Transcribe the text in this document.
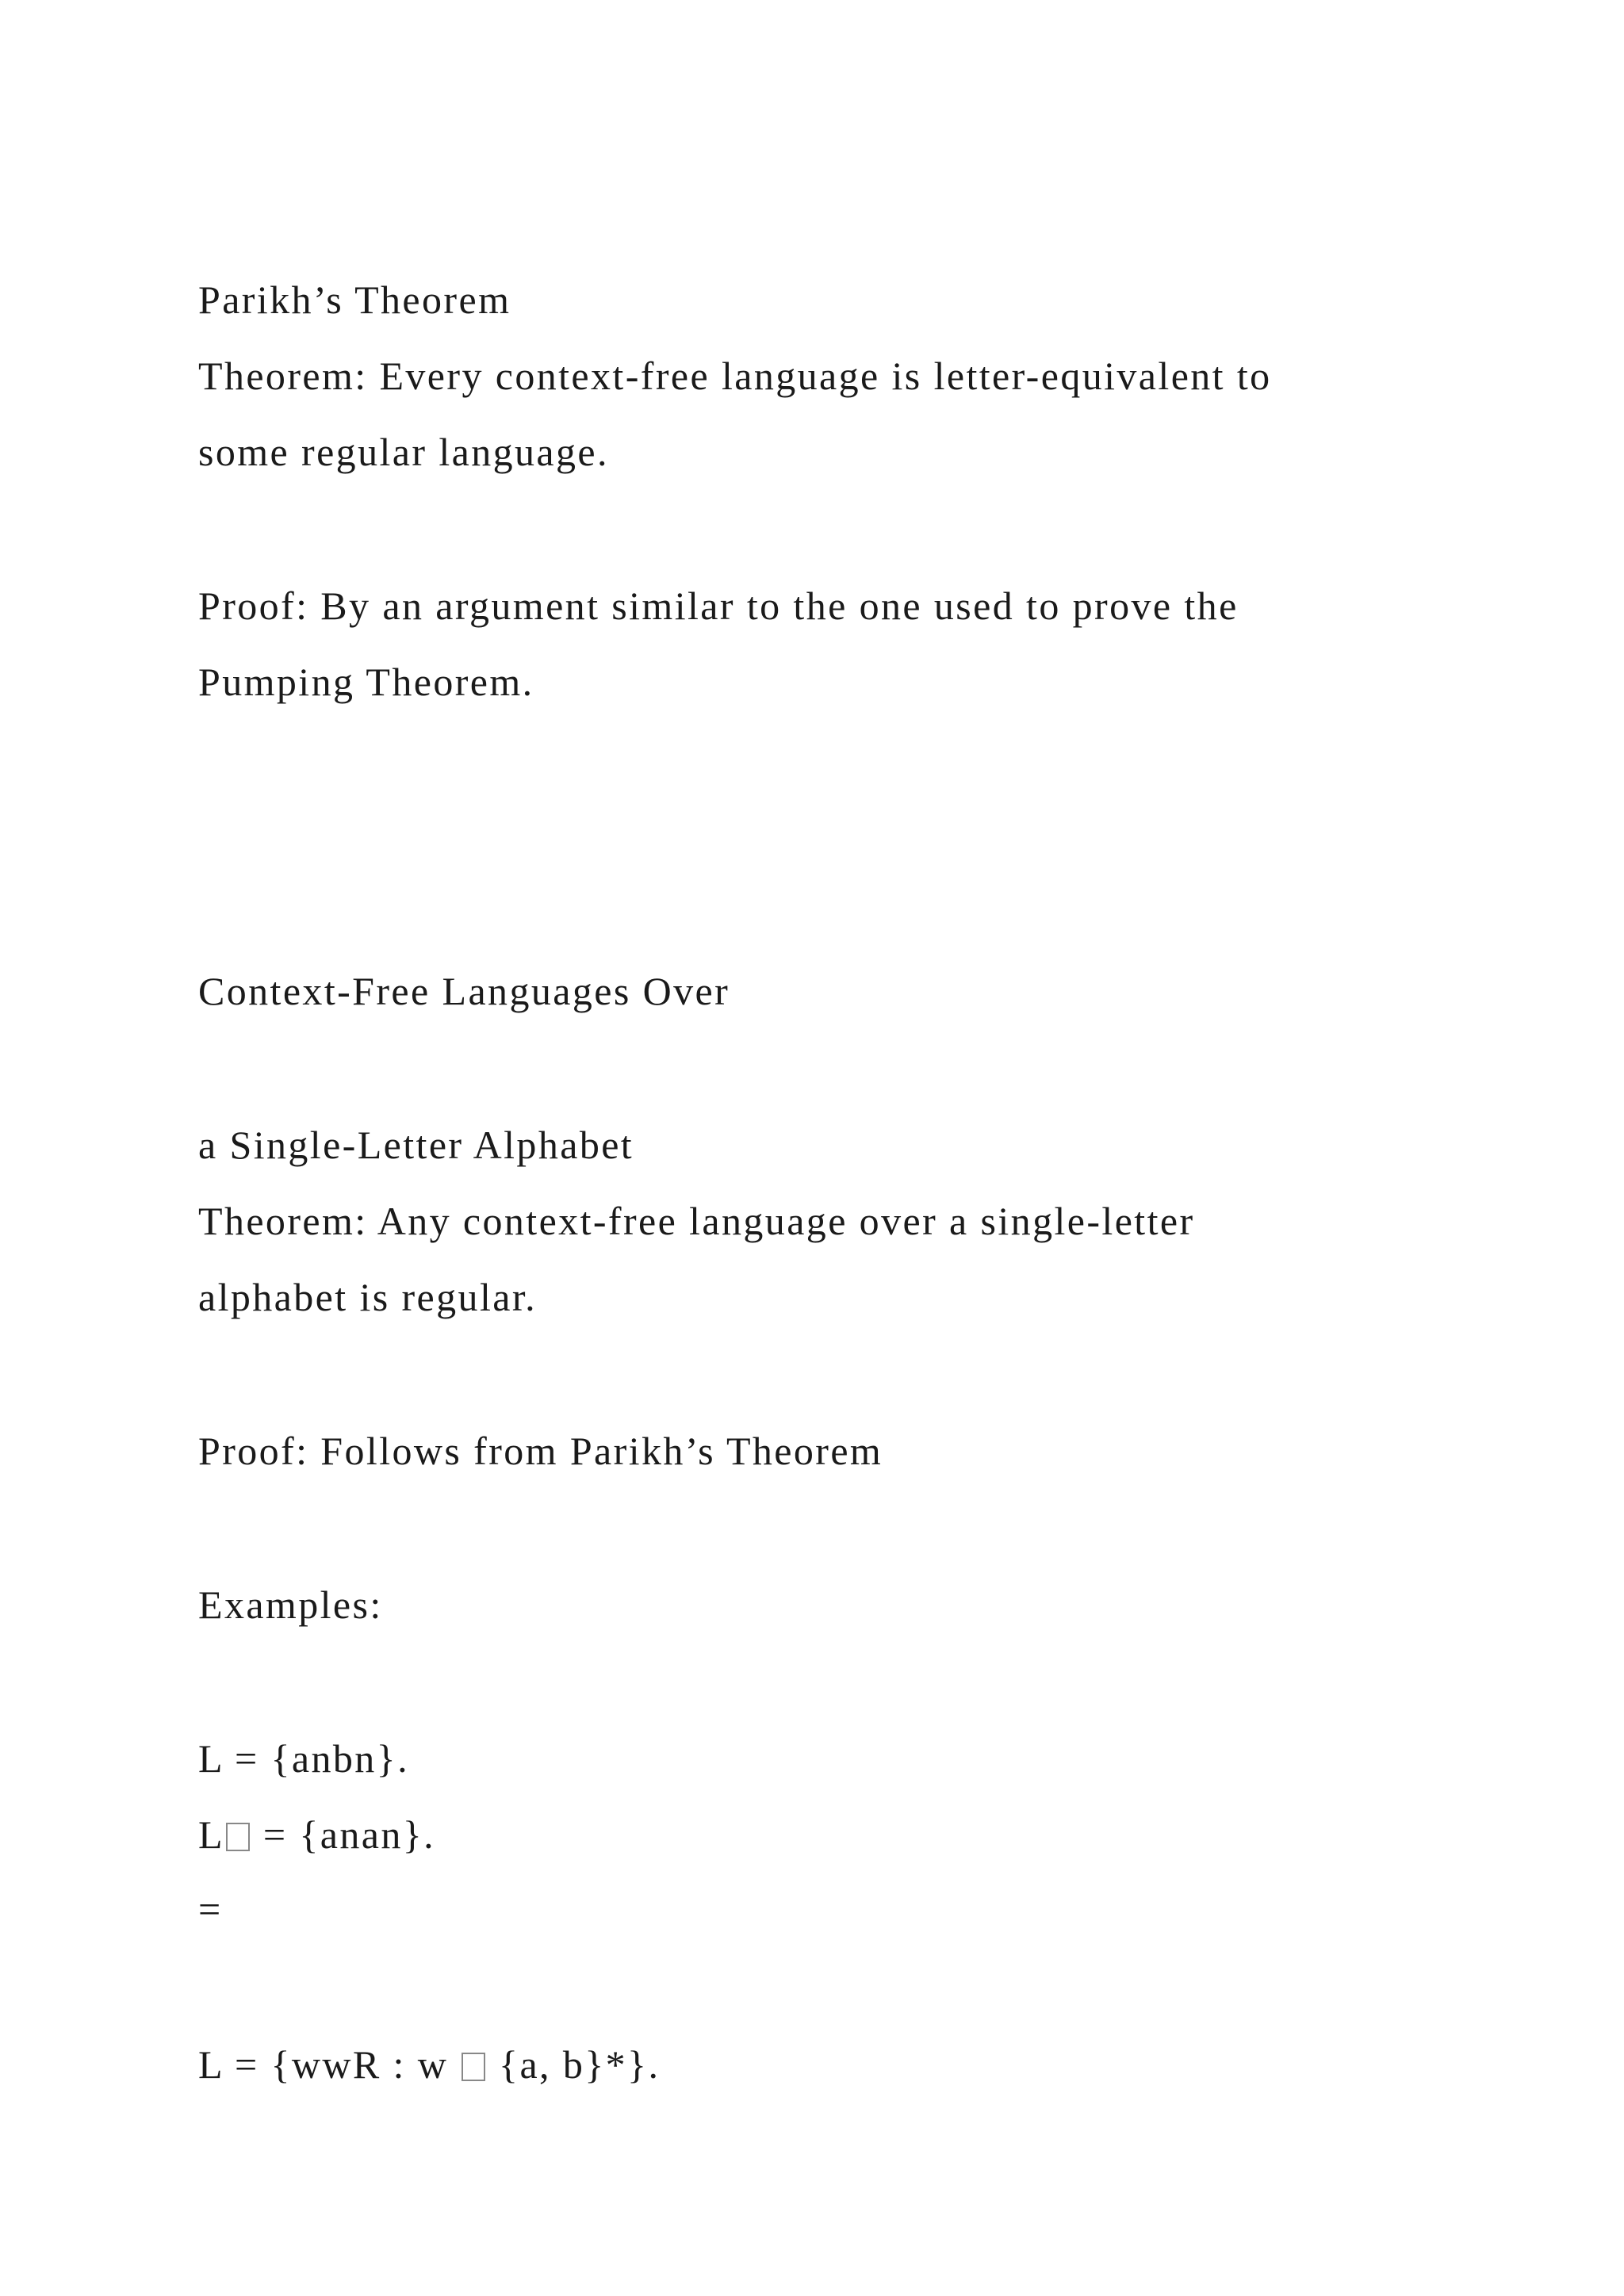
Parikh’s Theorem

Theorem: Every context-free language is letter-equivalent to

some regular language.

Proof: By an argument similar to the one used to prove the

Pumping Theorem.

Context-Free Languages Over

a Single-Letter Alphabet

Theorem: Any context-free language over a single-letter

alphabet is regular.

Proof: Follows from Parikh’s Theorem

Examples:

L = {anbn}.

L = {anan}.

=

L = {wwR : w  {a, b}*}.
